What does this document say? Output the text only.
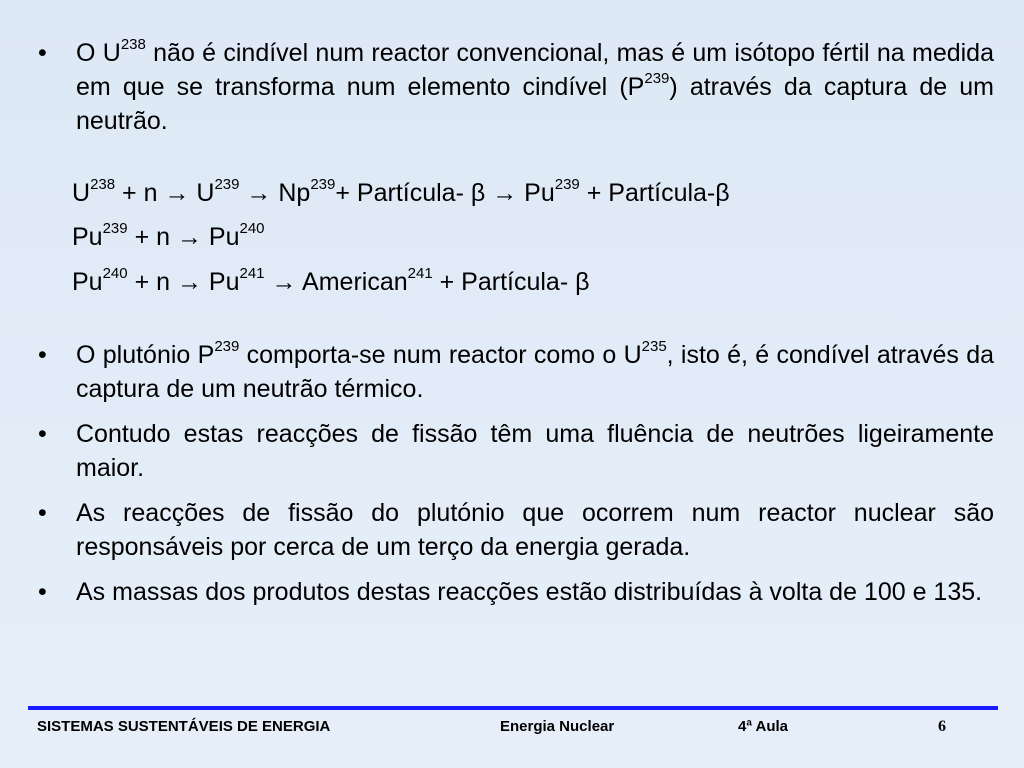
• O $U^{238}$ não é cindível num reactor convencional, mas é um isótopo fértil na medida em que se transforma num elemento cindível $(P^{239})$ através da captura de um neutrão.
$U^{238} + n \to U^{239} \to Np^{239}+$ Partícula- $\beta \to Pu^{239}$ + Partícula-β
$Pu^{239} + n \to Pu^{240}$
$Pu^{240} + n \to Pu^{241}$ → American$^{241}$ + Partícula- β
• O plutónio $P^{239}$ comporta-se num reactor como o $U^{235}$, isto é, é condível através da captura de um neutrão térmico.
• Contudo estas reacções de fissão têm uma fluência de neutrões ligeiramente maior.
• As reacções de fissão do plutónio que ocorrem num reactor nuclear são responsáveis por cerca de um terço da energia gerada.
• As massas dos produtos destas reacções estão distribuídas à volta de 100 e 135.
SISTEMAS SUSTENTÁVEIS DE ENERGIA	Energia Nuclear	4ª Aula	6
